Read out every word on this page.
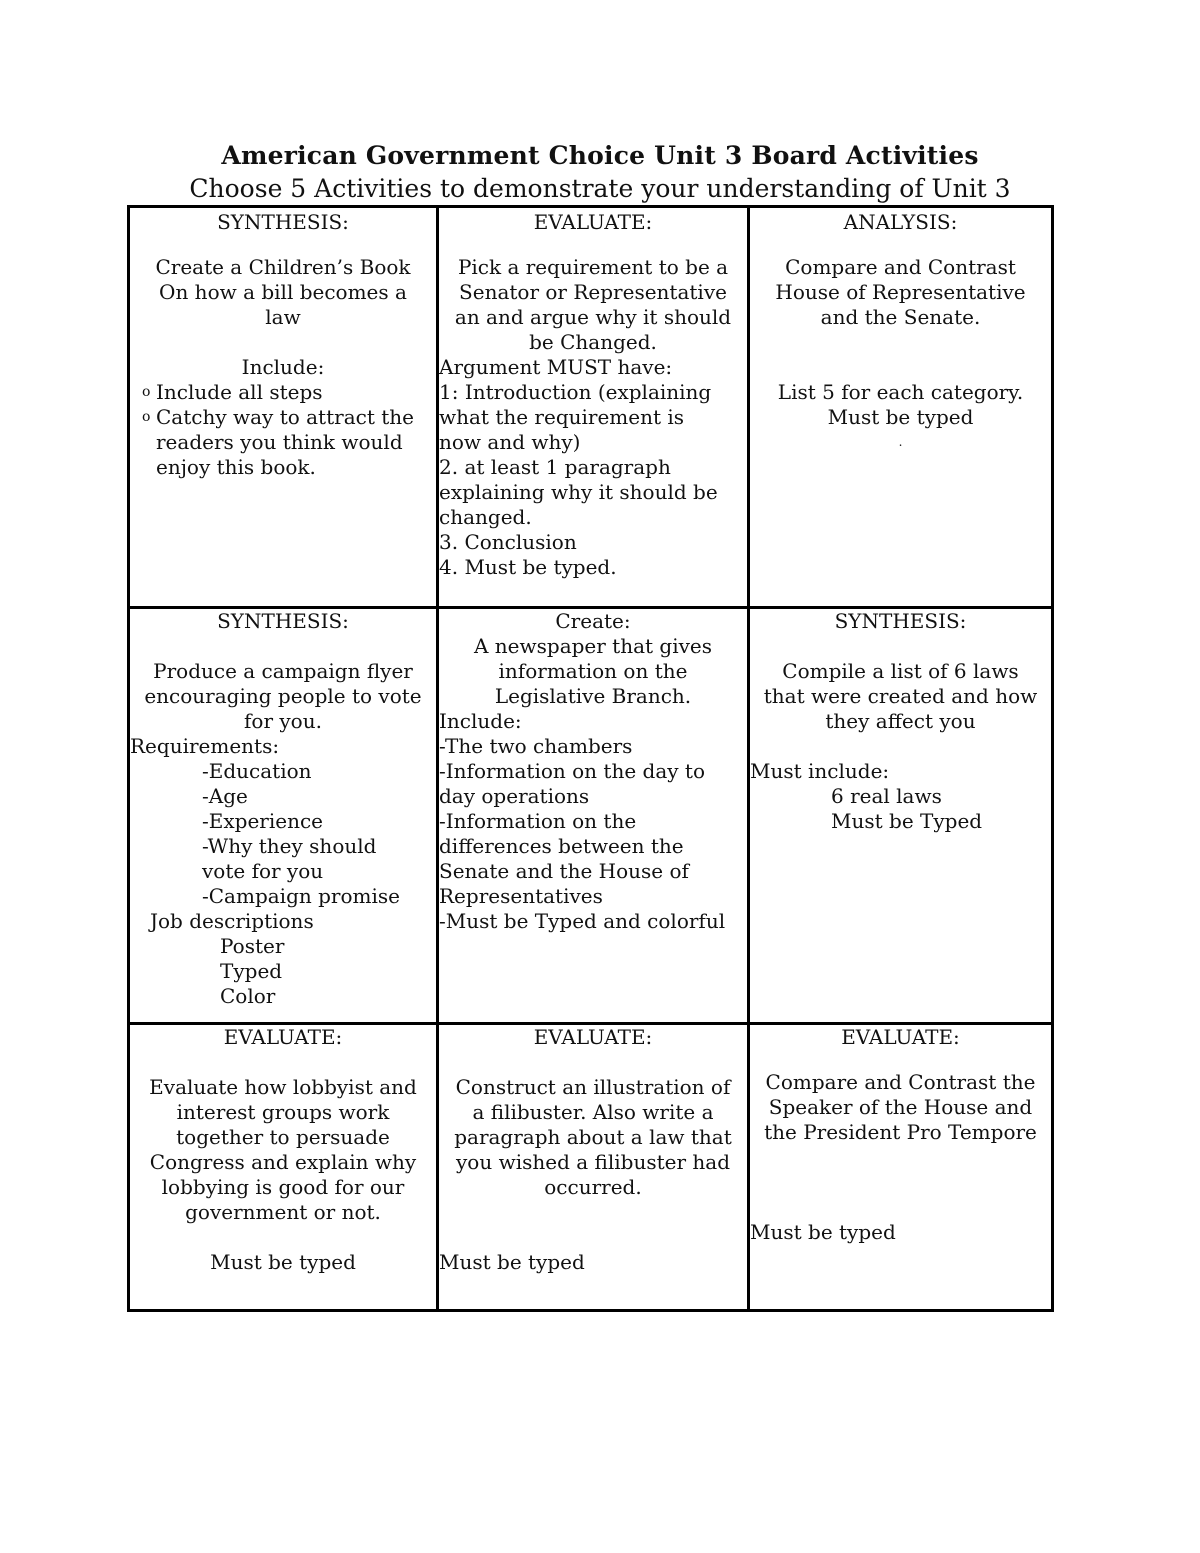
American Government Choice Unit 3 Board Activities
Choose 5 Activities to demonstrate your understanding of Unit 3
SYNTHESIS:
Create a Children’s Book
On how a bill becomes a
law
Include:
o Include all steps
o Catchy way to attract the
readers you think would
enjoy this book.
EVALUATE:
Pick a requirement to be a
Senator or Representative
an and argue why it should
be Changed.
Argument MUST have:
1: Introduction (explaining
what the requirement is
now and why)
2. at least 1 paragraph
explaining why it should be
changed.
3. Conclusion
4. Must be typed.
ANALYSIS:
Compare and Contrast
House of Representative
and the Senate.
List 5 for each category.
Must be typed
.
SYNTHESIS:
Produce a campaign flyer
encouraging people to vote
for you.
Requirements:
-Education
-Age
-Experience
-Why they should
vote for you
-Campaign promise
Job descriptions
Poster
Typed
Color
Create:
A newspaper that gives
information on the
Legislative Branch.
Include:
-The two chambers
-Information on the day to
day operations
-Information on the
differences between the
Senate and the House of
Representatives
-Must be Typed and colorful
SYNTHESIS:
Compile a list of 6 laws
that were created and how
they affect you
Must include:
6 real laws
Must be Typed
EVALUATE:
Evaluate how lobbyist and
interest groups work
together to persuade
Congress and explain why
lobbying is good for our
government or not.
Must be typed
EVALUATE:
Construct an illustration of
a filibuster. Also write a
paragraph about a law that
you wished a filibuster had
occurred.
Must be typed
EVALUATE:
Compare and Contrast the
Speaker of the House and
the President Pro Tempore
Must be typed
